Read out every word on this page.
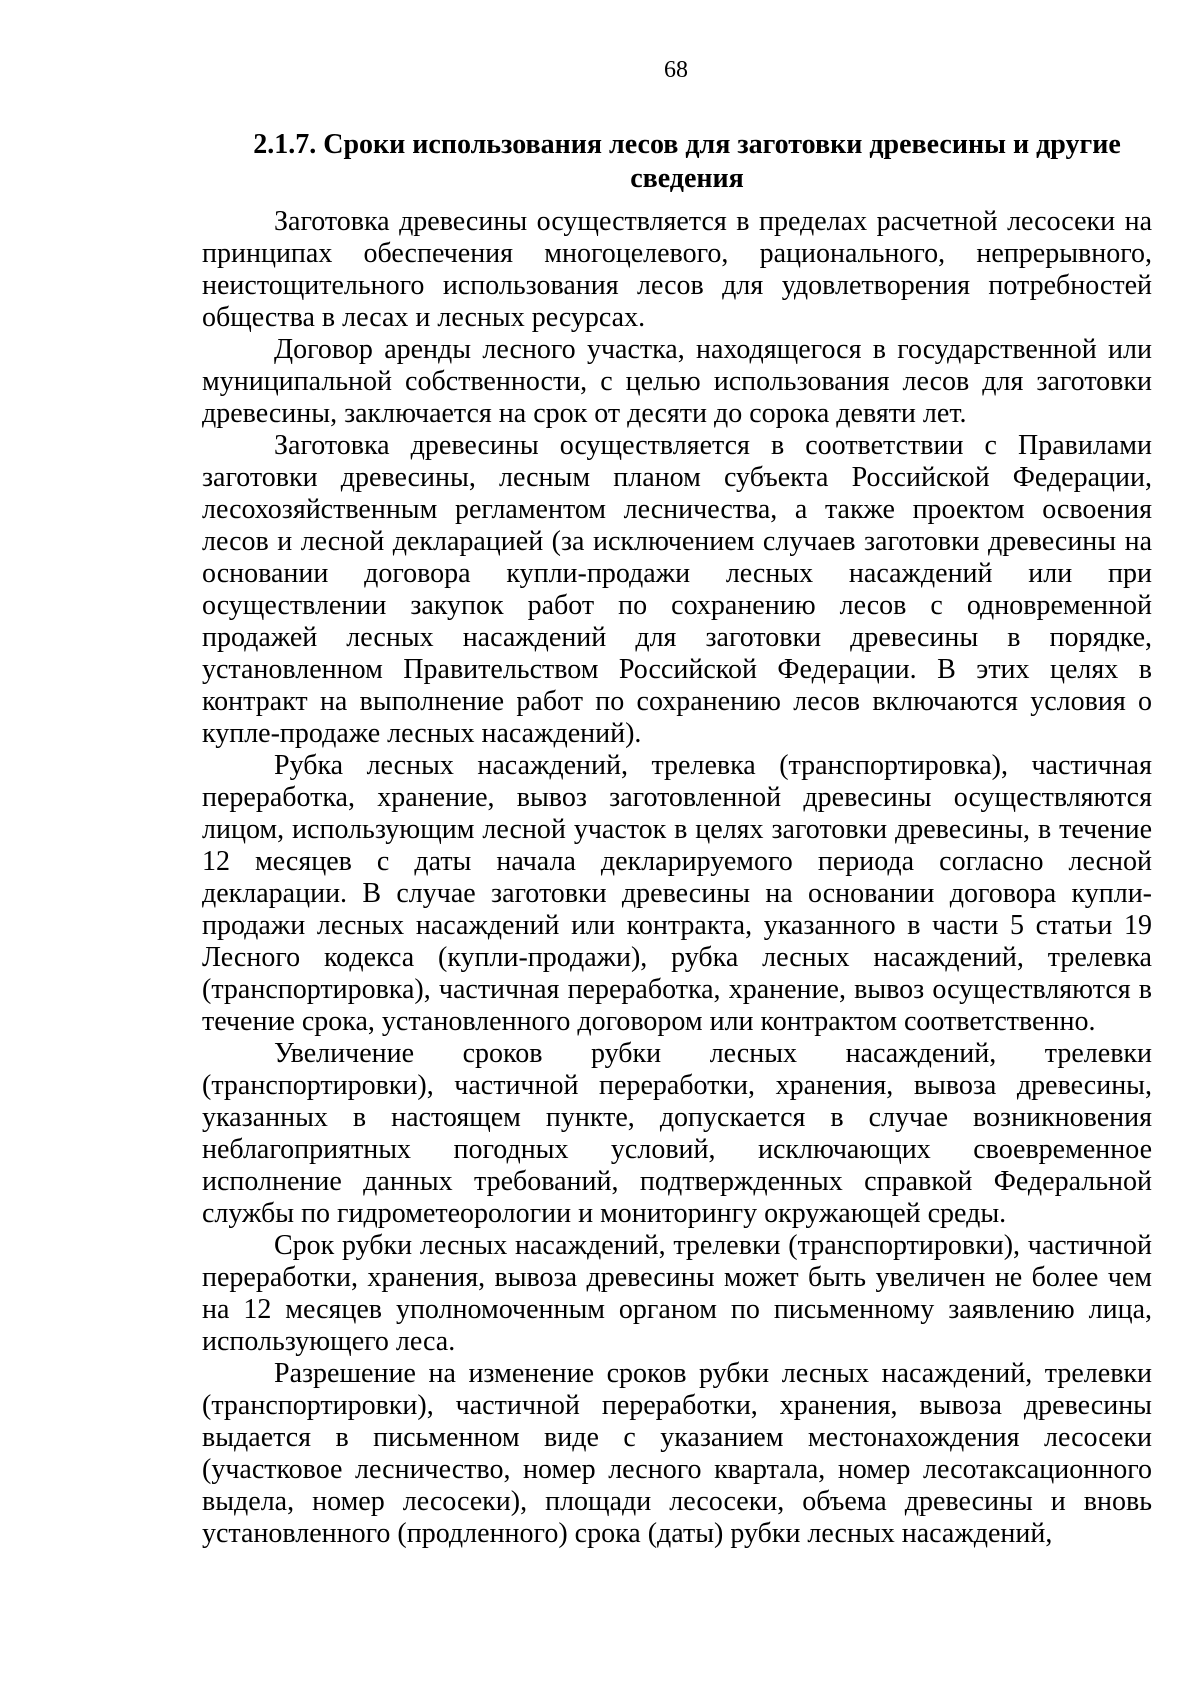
68
2.1.7. Сроки использования лесов для заготовки древесины и другие сведения

Заготовка древесины осуществляется в пределах расчетной лесосеки на принципах обеспечения многоцелевого, рационального, непрерывного, неистощительного использования лесов для удовлетворения потребностей общества в лесах и лесных ресурсах.

Договор аренды лесного участка, находящегося в государственной или муниципальной собственности, с целью использования лесов для заготовки древесины, заключается на срок от десяти до сорока девяти лет.

Заготовка древесины осуществляется в соответствии с Правилами заготовки древесины, лесным планом субъекта Российской Федерации, лесохозяйственным регламентом лесничества, а также проектом освоения лесов и лесной декларацией (за исключением случаев заготовки древесины на основании договора купли-продажи лесных насаждений или при осуществлении закупок работ по сохранению лесов с одновременной продажей лесных насаждений для заготовки древесины в порядке, установленном Правительством Российской Федерации. В этих целях в контракт на выполнение работ по сохранению лесов включаются условия о купле-продаже лесных насаждений).

Рубка лесных насаждений, трелевка (транспортировка), частичная переработка, хранение, вывоз заготовленной древесины осуществляются лицом, использующим лесной участок в целях заготовки древесины, в течение 12 месяцев с даты начала декларируемого периода согласно лесной декларации. В случае заготовки древесины на основании договора купли-продажи лесных насаждений или контракта, указанного в части 5 статьи 19 Лесного кодекса (купли-продажи), рубка лесных насаждений, трелевка (транспортировка), частичная переработка, хранение, вывоз осуществляются в течение срока, установленного договором или контрактом соответственно.

Увеличение сроков рубки лесных насаждений, трелевки (транспортировки), частичной переработки, хранения, вывоза древесины, указанных в настоящем пункте, допускается в случае возникновения неблагоприятных погодных условий, исключающих своевременное исполнение данных требований, подтвержденных справкой Федеральной службы по гидрометеорологии и мониторингу окружающей среды.

Срок рубки лесных насаждений, трелевки (транспортировки), частичной переработки, хранения, вывоза древесины может быть увеличен не более чем на 12 месяцев уполномоченным органом по письменному заявлению лица, использующего леса.

Разрешение на изменение сроков рубки лесных насаждений, трелевки (транспортировки), частичной переработки, хранения, вывоза древесины выдается в письменном виде с указанием местонахождения лесосеки (участковое лесничество, номер лесного квартала, номер лесотаксационного выдела, номер лесосеки), площади лесосеки, объема древесины и вновь установленного (продленного) срока (даты) рубки лесных насаждений,
